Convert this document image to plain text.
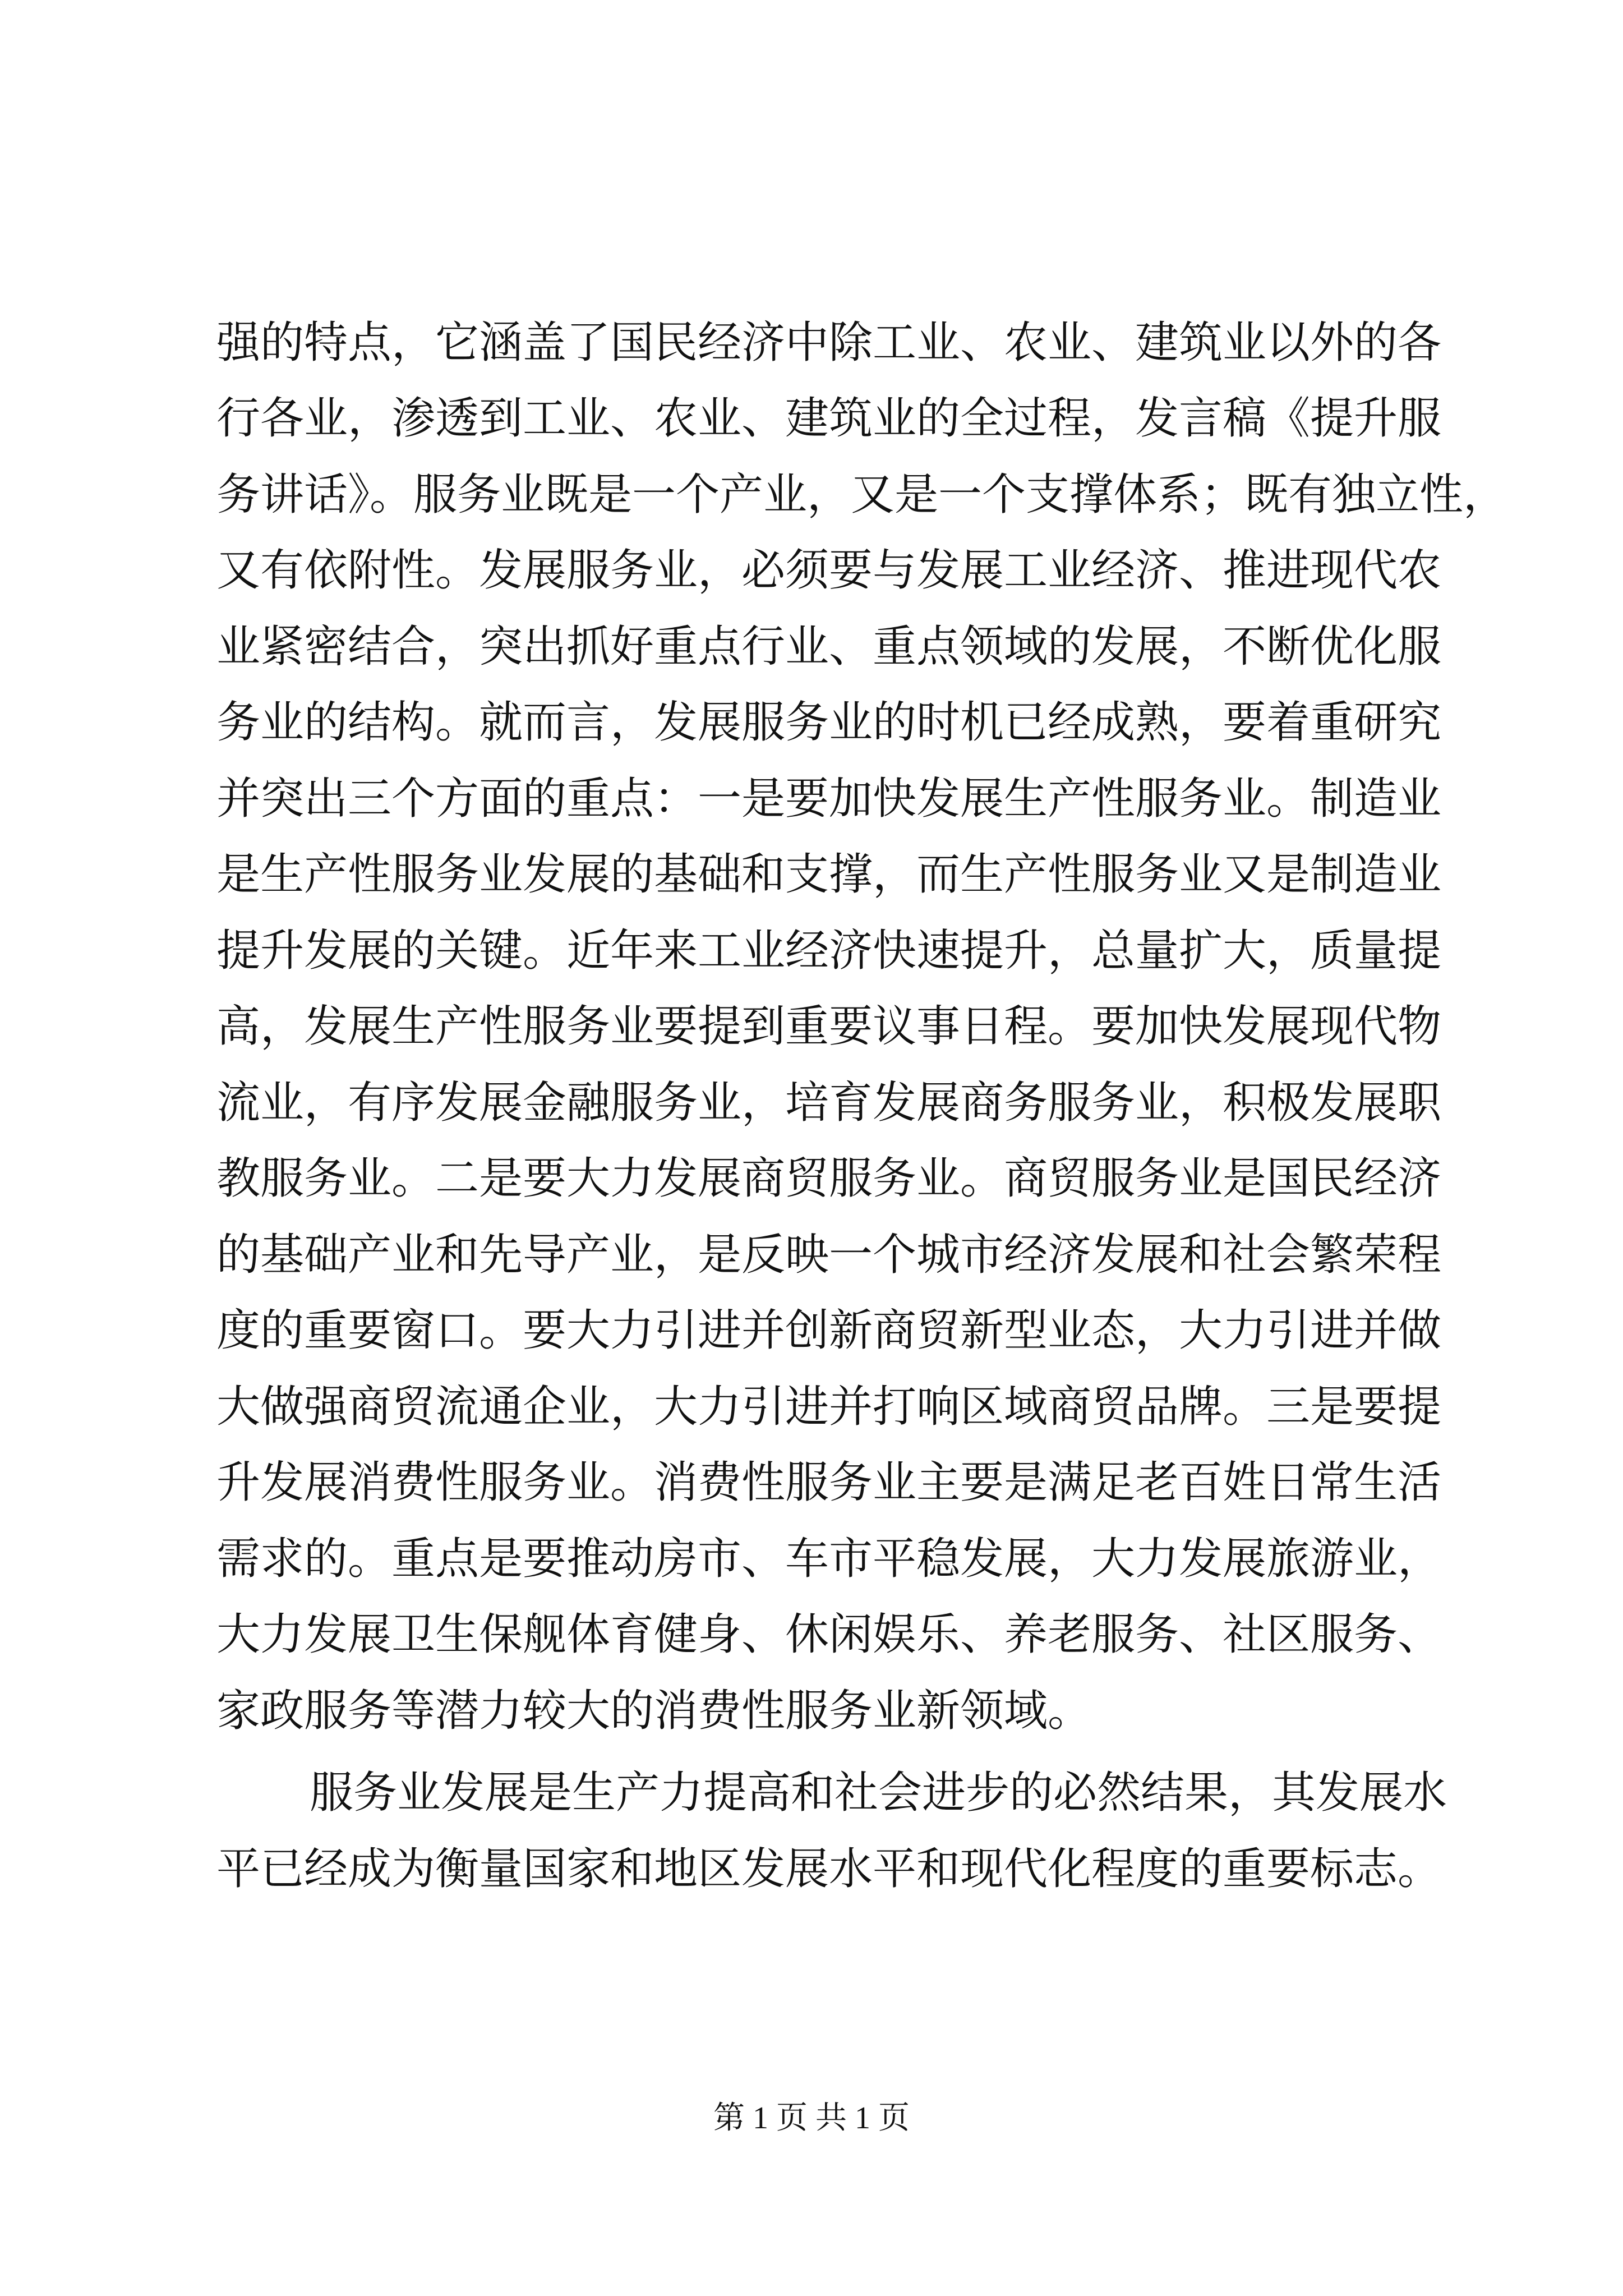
强的特点，它涵盖了国民经济中除工业、农业、建筑业以外的各
行各业，渗透到工业、农业、建筑业的全过程，发言稿《提升服
务讲话》。服务业既是一个产业，又是一个支撑体系；既有独立性，
又有依附性。发展服务业，必须要与发展工业经济、推进现代农
业紧密结合，突出抓好重点行业、重点领域的发展，不断优化服
务业的结构。就而言，发展服务业的时机已经成熟，要着重研究
并突出三个方面的重点：一是要加快发展生产性服务业。制造业
是生产性服务业发展的基础和支撑，而生产性服务业又是制造业
提升发展的关键。近年来工业经济快速提升，总量扩大，质量提
高，发展生产性服务业要提到重要议事日程。要加快发展现代物
流业，有序发展金融服务业，培育发展商务服务业，积极发展职
教服务业。二是要大力发展商贸服务业。商贸服务业是国民经济
的基础产业和先导产业，是反映一个城市经济发展和社会繁荣程
度的重要窗口。要大力引进并创新商贸新型业态，大力引进并做
大做强商贸流通企业，大力引进并打响区域商贸品牌。三是要提
升发展消费性服务业。消费性服务业主要是满足老百姓日常生活
需求的。重点是要推动房市、车市平稳发展，大力发展旅游业，
大力发展卫生保舰体育健身、休闲娱乐、养老服务、社区服务、
家政服务等潜力较大的消费性服务业新领域。
服务业发展是生产力提高和社会进步的必然结果，其发展水
平已经成为衡量国家和地区发展水平和现代化程度的重要标志。
第 1 页 共 1 页
